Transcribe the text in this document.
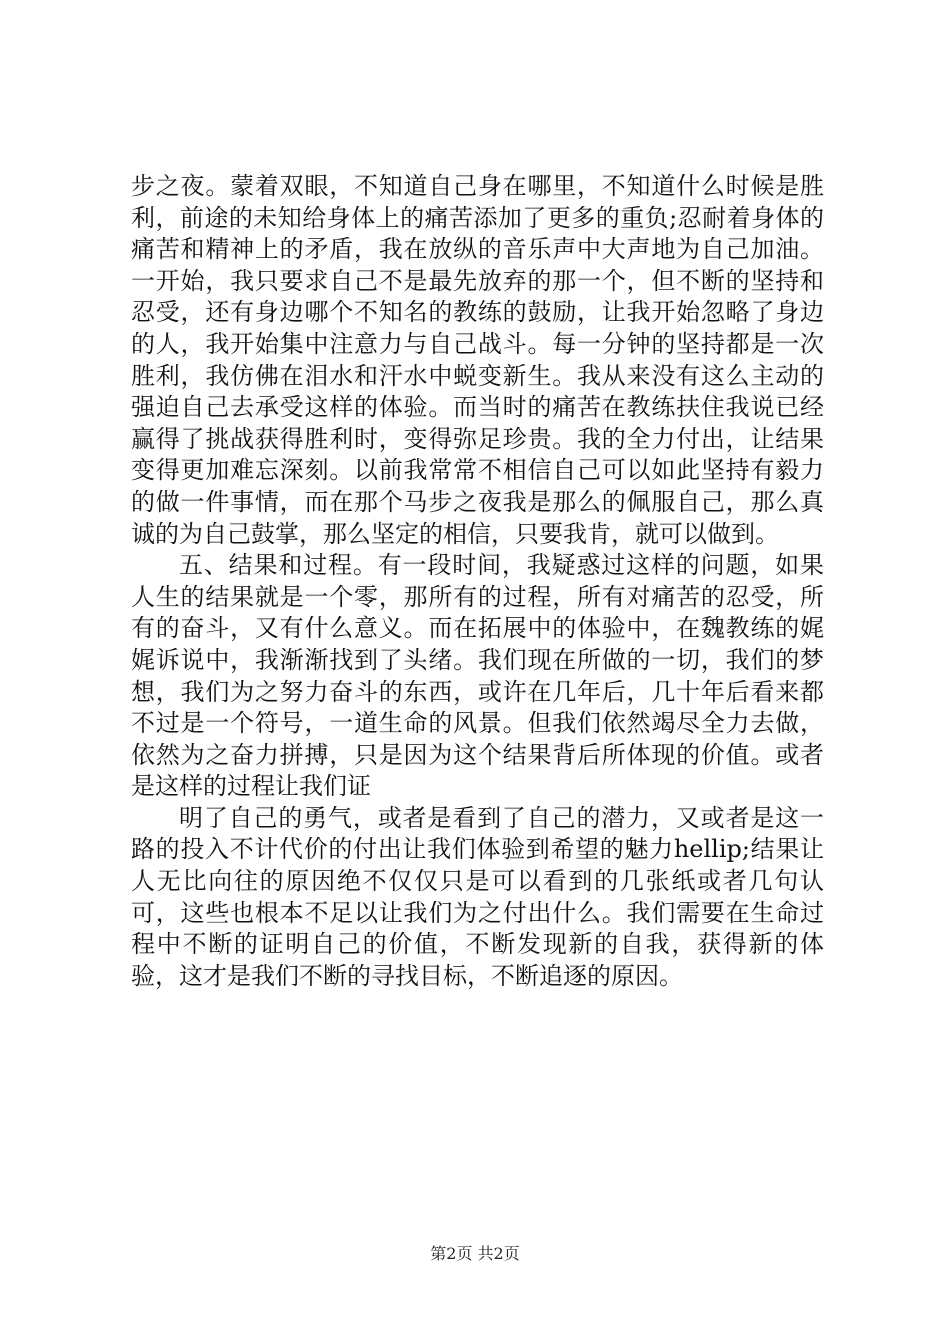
步之夜。蒙着双眼，不知道自己身在哪里，不知道什么时候是胜利，前途的未知给身体上的痛苦添加了更多的重负;忍耐着身体的痛苦和精神上的矛盾，我在放纵的音乐声中大声地为自己加油。一开始，我只要求自己不是最先放弃的那一个，但不断的坚持和忍受，还有身边哪个不知名的教练的鼓励，让我开始忽略了身边的人，我开始集中注意力与自己战斗。每一分钟的坚持都是一次胜利，我仿佛在泪水和汗水中蜕变新生。我从来没有这么主动的强迫自己去承受这样的体验。而当时的痛苦在教练扶住我说已经赢得了挑战获得胜利时，变得弥足珍贵。我的全力付出，让结果变得更加难忘深刻。以前我常常不相信自己可以如此坚持有毅力的做一件事情，而在那个马步之夜我是那么的佩服自己，那么真诚的为自己鼓掌，那么坚定的相信，只要我肯，就可以做到。

五、结果和过程。有一段时间，我疑惑过这样的问题，如果人生的结果就是一个零，那所有的过程，所有对痛苦的忍受，所有的奋斗，又有什么意义。而在拓展中的体验中，在魏教练的娓娓诉说中，我渐渐找到了头绪。我们现在所做的一切，我们的梦想，我们为之努力奋斗的东西，或许在几年后，几十年后看来都不过是一个符号，一道生命的风景。但我们依然竭尽全力去做，依然为之奋力拼搏，只是因为这个结果背后所体现的价值。或者是这样的过程让我们证

明了自己的勇气，或者是看到了自己的潜力，又或者是这一路的投入不计代价的付出让我们体验到希望的魅力hellip;结果让人无比向往的原因绝不仅仅只是可以看到的几张纸或者几句认可，这些也根本不足以让我们为之付出什么。我们需要在生命过程中不断的证明自己的价值，不断发现新的自我，获得新的体验，这才是我们不断的寻找目标，不断追逐的原因。

第2页 共2页
